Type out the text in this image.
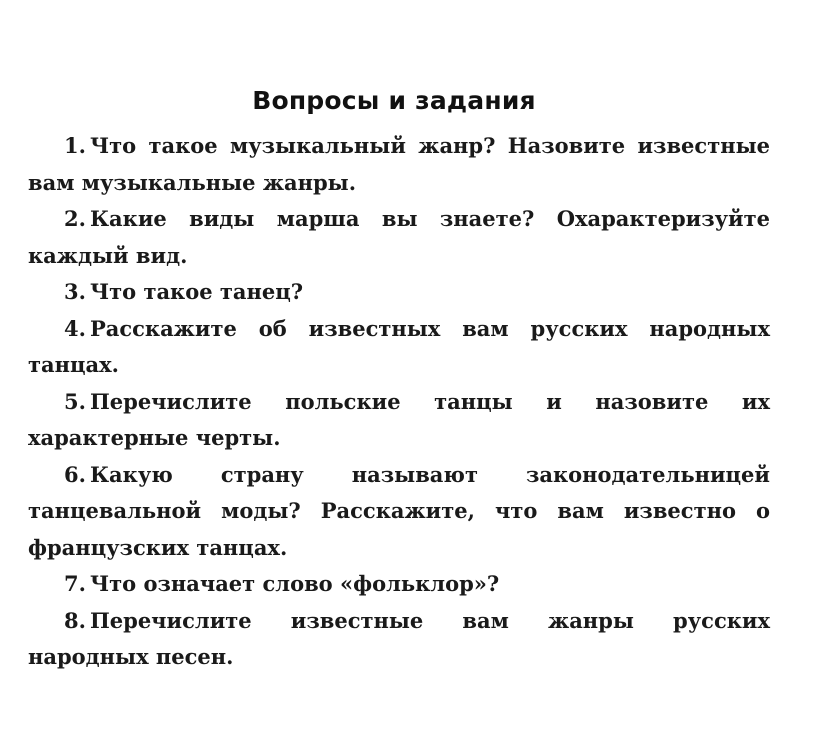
Вопросы и задания
1. Что такое музыкальный жанр? Назовите известные вам музыкальные жанры.
2. Какие виды марша вы знаете? Охарактеризуйте каждый вид.
3. Что такое танец?
4. Расскажите об известных вам русских народных танцах.
5. Перечислите польские танцы и назовите их характерные черты.
6. Какую страну называют законодательницей танцевальной моды? Расскажите, что вам известно о французских танцах.
7. Что означает слово «фольклор»?
8. Перечислите известные вам жанры русских народных песен.
